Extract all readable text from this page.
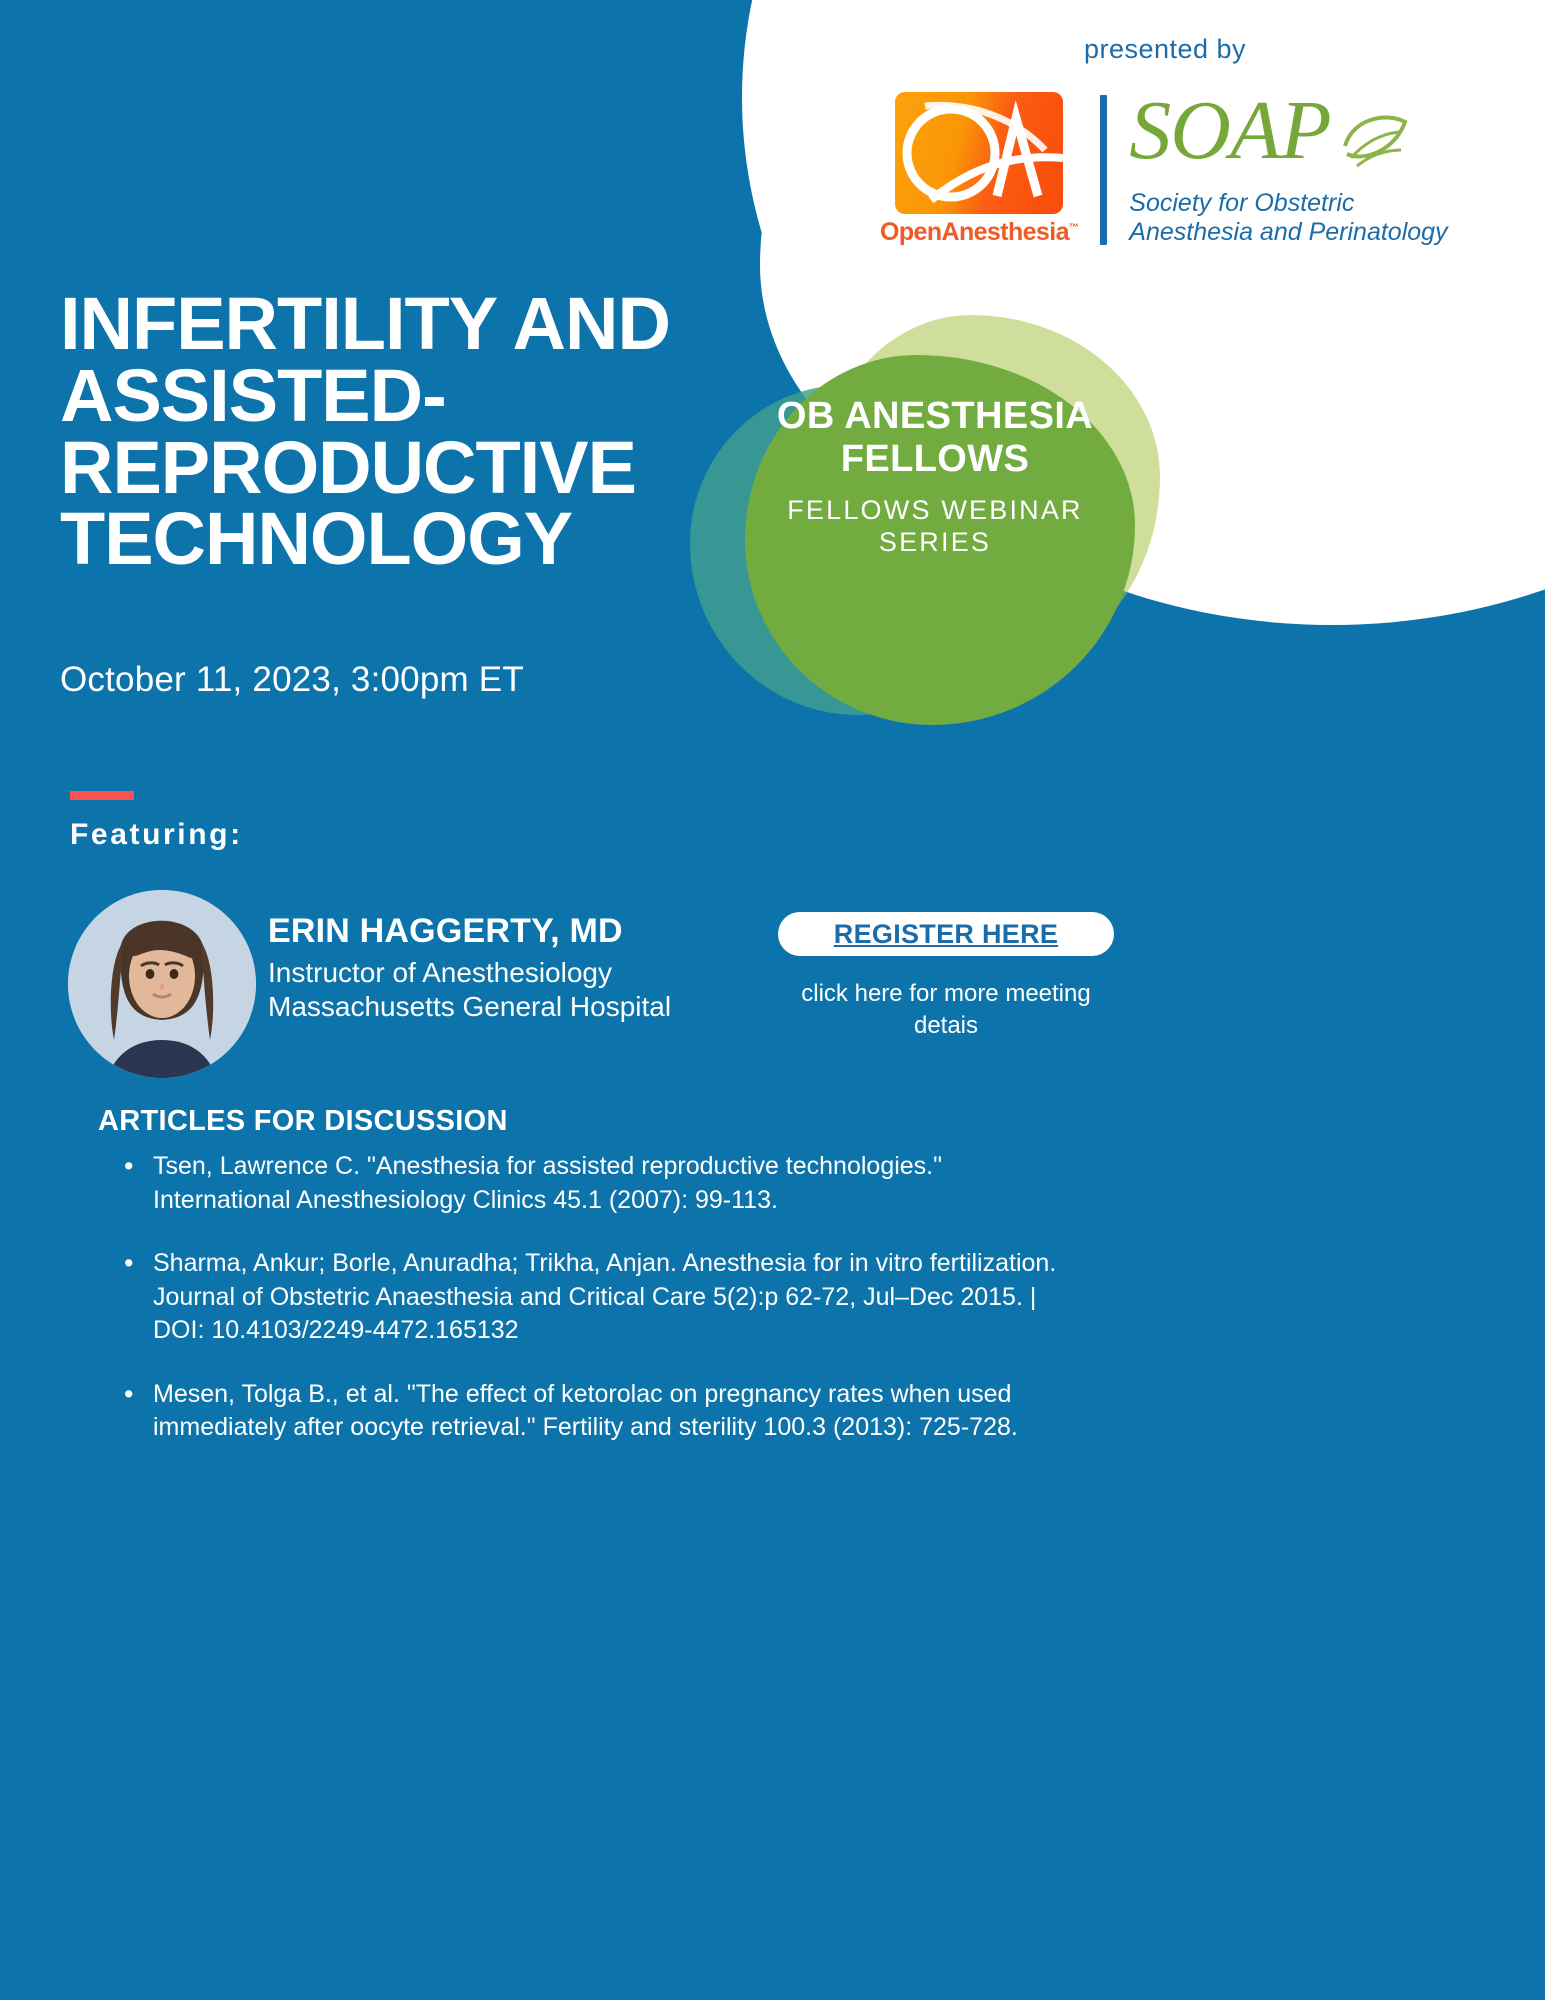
presented by
OpenAnesthesia™
SOAP
Society for Obstetric
Anesthesia and Perinatology
INFERTILITY AND ASSISTED-REPRODUCTIVE TECHNOLOGY
October 11, 2023, 3:00pm ET
OB ANESTHESIA FELLOWS
FELLOWS WEBINAR SERIES
Featuring:
ERIN HAGGERTY, MD
Instructor of Anesthesiology
Massachusetts General Hospital
REGISTER HERE
click here for more meeting detais
ARTICLES FOR DISCUSSION
• Tsen, Lawrence C. "Anesthesia for assisted reproductive technologies." International Anesthesiology Clinics 45.1 (2007): 99-113.
• Sharma, Ankur; Borle, Anuradha; Trikha, Anjan. Anesthesia for in vitro fertilization. Journal of Obstetric Anaesthesia and Critical Care 5(2):p 62-72, Jul–Dec 2015. | DOI: 10.4103/2249-4472.165132
• Mesen, Tolga B., et al. "The effect of ketorolac on pregnancy rates when used immediately after oocyte retrieval." Fertility and sterility 100.3 (2013): 725-728.
